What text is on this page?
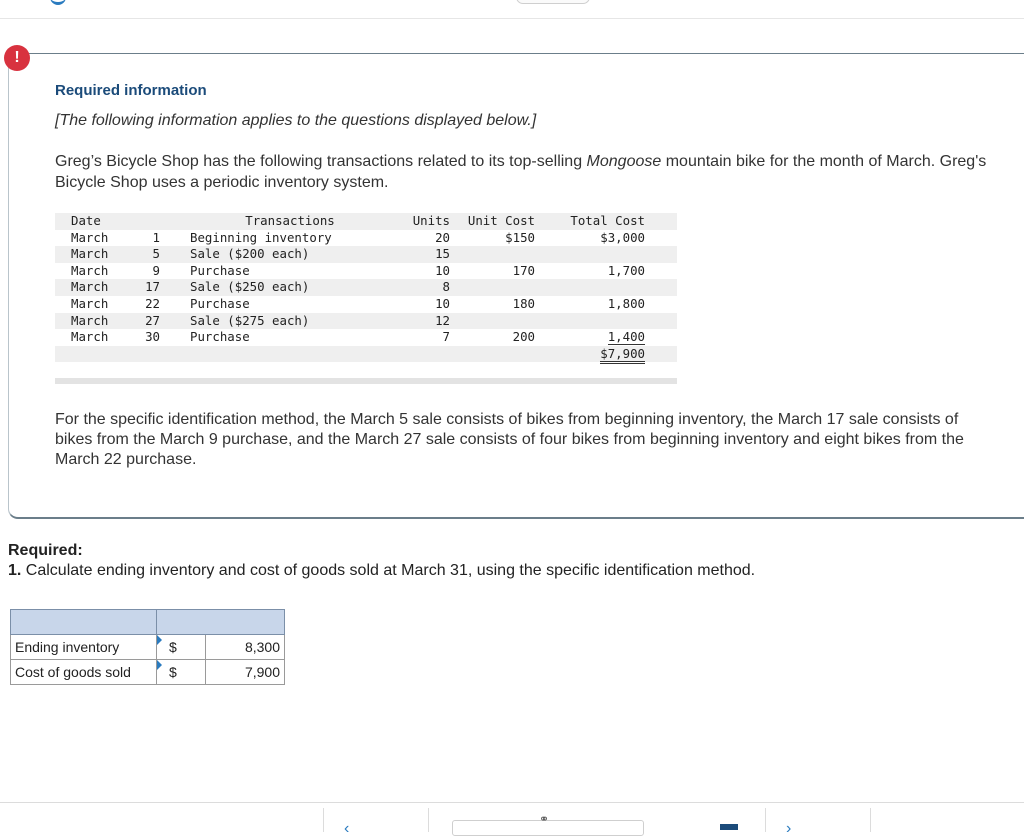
!
Required information
[The following information applies to the questions displayed below.]
Greg’s Bicycle Shop has the following transactions related to its top-selling Mongoose mountain bike for the month of March. Greg's Bicycle Shop uses a periodic inventory system.
Date		Transactions	Units	Unit Cost	Total Cost
March	1	Beginning inventory	20	$150	$3,000
March	5	Sale ($200 each)	15		
March	9	Purchase	10	170	1,700
March	17	Sale ($250 each)	8		
March	22	Purchase	10	180	1,800
March	27	Sale ($275 each)	12		
March	30	Purchase	7	200	1,400
					$7,900
For the specific identification method, the March 5 sale consists of bikes from beginning inventory, the March 17 sale consists of bikes from the March 9 purchase, and the March 27 sale consists of four bikes from beginning inventory and eight bikes from the March 22 purchase.
Required:
1. Calculate ending inventory and cost of goods sold at March 31, using the specific identification method.

Ending inventory	$	8,300
Cost of goods sold	$	7,900
‹
⚭
›
